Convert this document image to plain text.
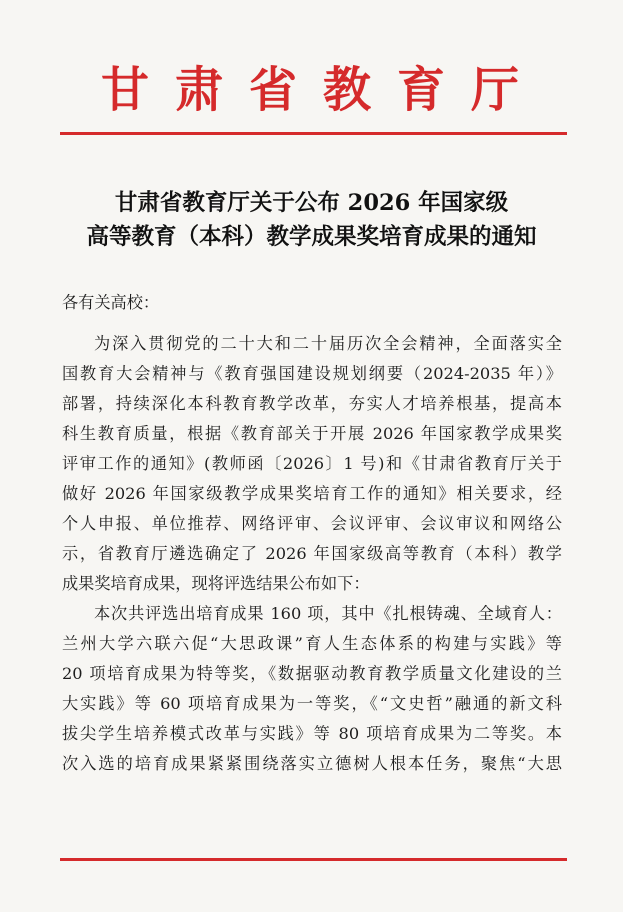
甘肃省教育厅
甘肃省教育厅关于公布 2026 年国家级
高等教育（本科）教学成果奖培育成果的通知
各有关高校：
为深入贯彻党的二十大和二十届历次全会精神，全面落实全
国教育大会精神与《教育强国建设规划纲要（2024-2035 年）》
部署，持续深化本科教育教学改革，夯实人才培养根基，提高本
科生教育质量，根据《教育部关于开展 2026 年国家教学成果奖
评审工作的通知》(教师函〔2026〕1 号)和《甘肃省教育厅关于
做好 2026 年国家级教学成果奖培育工作的通知》相关要求，经
个人申报、单位推荐、网络评审、会议评审、会议审议和网络公
示，省教育厅遴选确定了 2026 年国家级高等教育（本科）教学
成果奖培育成果，现将评选结果公布如下：
本次共评选出培育成果 160 项，其中《扎根铸魂、全域育人：
兰州大学六联六促“大思政课”育人生态体系的构建与实践》等
20 项培育成果为特等奖，《数据驱动教育教学质量文化建设的兰
大实践》等 60 项培育成果为一等奖，《“文史哲”融通的新文科
拔尖学生培养模式改革与实践》等 80 项培育成果为二等奖。本
次入选的培育成果紧紧围绕落实立德树人根本任务，聚焦“大思
